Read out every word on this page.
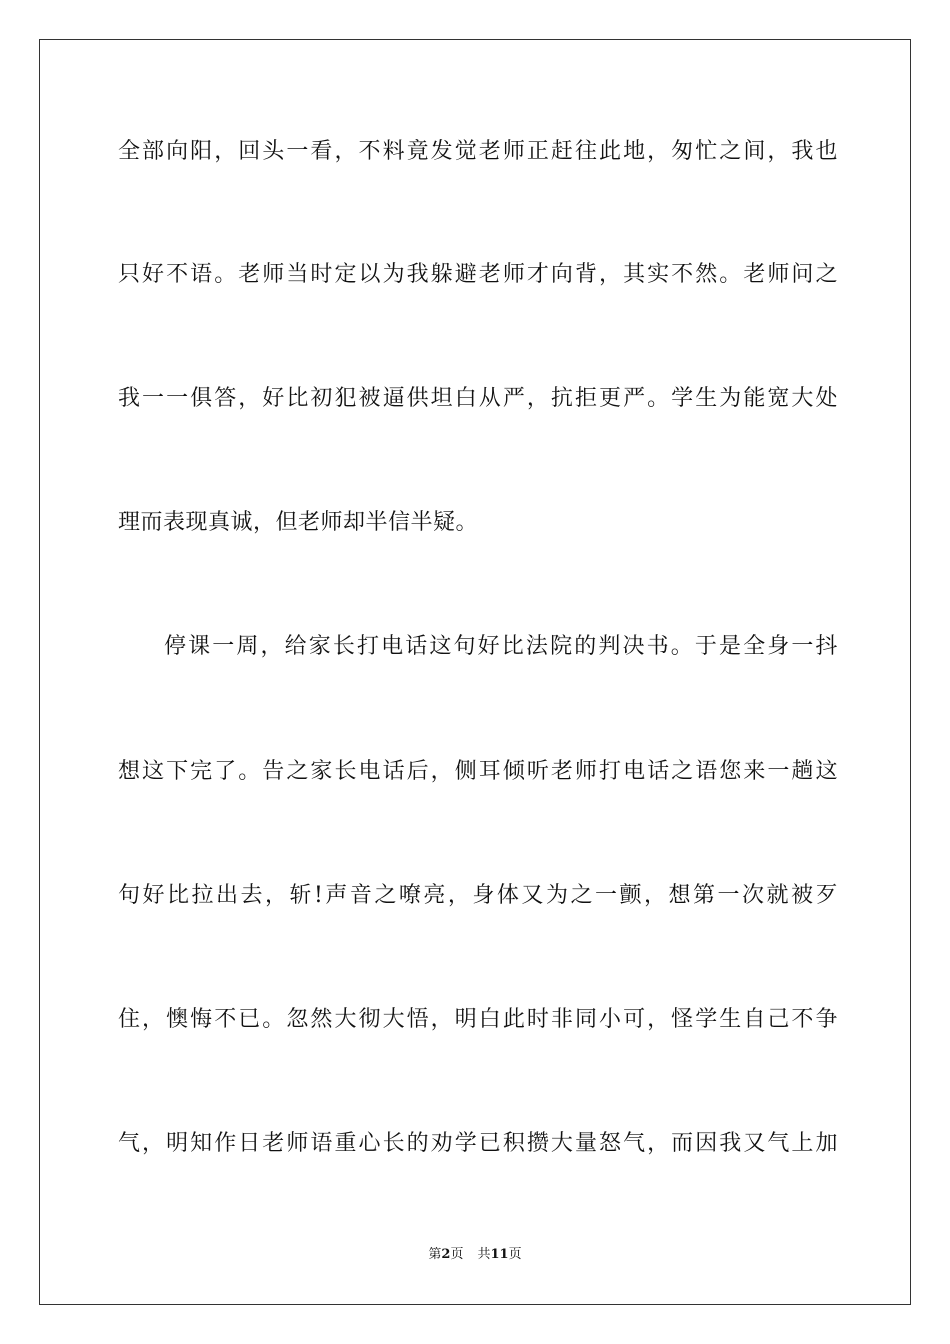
全部向阳，回头一看，不料竟发觉老师正赶往此地，匆忙之间，我也
只好不语。老师当时定以为我躲避老师才向背，其实不然。老师问之
我一一俱答，好比初犯被逼供坦白从严，抗拒更严。学生为能宽大处
理而表现真诚，但老师却半信半疑。
停课一周，给家长打电话这句好比法院的判决书。于是全身一抖
想这下完了。告之家长电话后，侧耳倾听老师打电话之语您来一趟这
句好比拉出去，斩!声音之嘹亮，身体又为之一颤，想第一次就被歹
住，懊悔不已。忽然大彻大悟，明白此时非同小可，怪学生自己不争
气，明知作日老师语重心长的劝学已积攒大量怒气，而因我又气上加
第2页 共11页
